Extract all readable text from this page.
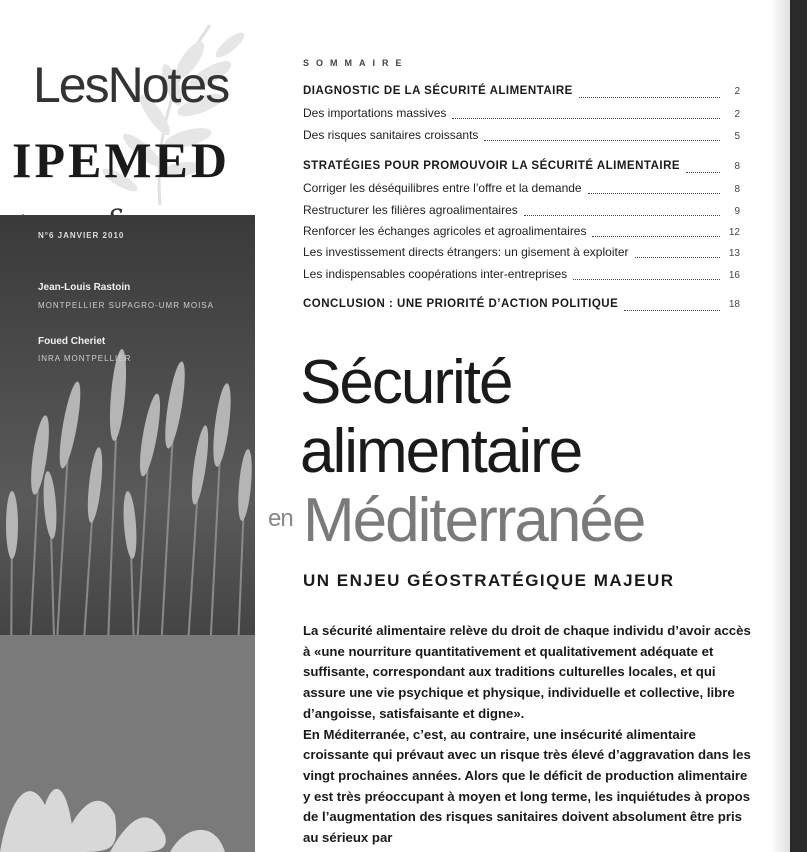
LesNotes
IPEMED
N°6 JANVIER 2010
Jean-Louis Rastoin
MONTPELLIER SUPAGRO-UMR MOISA
Foued Cheriet
INRA MONTPELLIER
SOMMAIRE
DIAGNOSTIC DE LA SÉCURITÉ ALIMENTAIRE	2
Des importations massives	2
Des risques sanitaires croissants	5
STRATÉGIES POUR PROMOUVOIR LA SÉCURITÉ ALIMENTAIRE	8
Corriger les déséquilibres entre l’offre et la demande	8
Restructurer les filières agroalimentaires	9
Renforcer les échanges agricoles et agroalimentaires	12
Les investissement directs étrangers: un gisement à exploiter	13
Les indispensables coopérations inter-entreprises	16
CONCLUSION : UNE PRIORITÉ D’ACTION POLITIQUE	18
Sécurité
alimentaire
en Méditerranée
UN ENJEU GÉOSTRATÉGIQUE MAJEUR

La sécurité alimentaire relève du droit de chaque individu d’avoir accès à «une nourriture quantitativement et qualitativement adéquate et suffisante, correspondant aux traditions culturelles locales, et qui assure une vie psychique et physique, individuelle et collective, libre d’angoisse, satisfaisante et digne».

En Méditerranée, c’est, au contraire, une insécurité alimentaire croissante qui prévaut avec un risque très élevé d’aggravation dans les vingt prochaines années. Alors que le déficit de production alimentaire y est très préoccupant à moyen et long terme, les inquiétudes à propos de l’augmentation des risques sanitaires doivent absolument être pris au sérieux par
